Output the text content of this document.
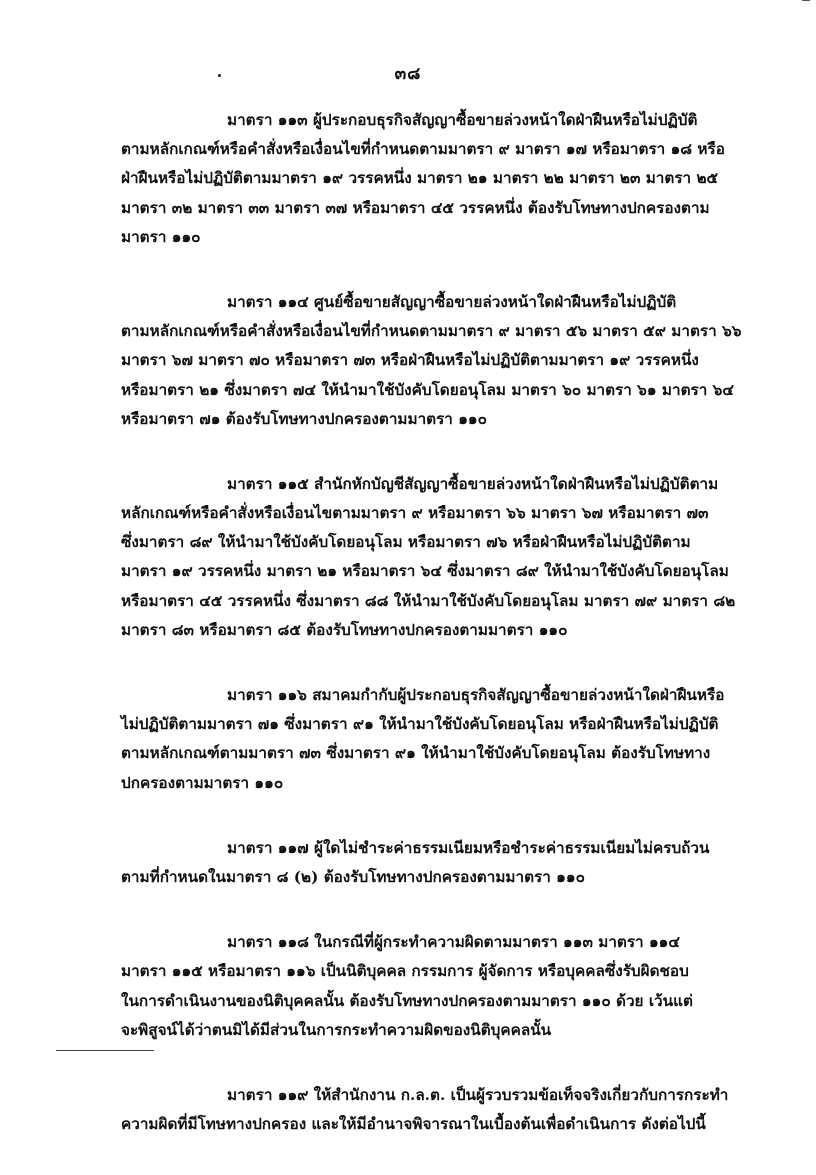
๓๘
มาตรา ๑๑๓ ผู้ประกอบธุรกิจสัญญาซื้อขายล่วงหน้าใดฝ่าฝืนหรือไม่ปฏิบัติ
ตามหลักเกณฑ์หรือคำสั่งหรือเงื่อนไขที่กำหนดตามมาตรา ๙ มาตรา ๑๗ หรือมาตรา ๑๘ หรือ
ฝ่าฝืนหรือไม่ปฏิบัติตามมาตรา ๑๙ วรรคหนึ่ง มาตรา ๒๑ มาตรา ๒๒ มาตรา ๒๓ มาตรา ๒๕
มาตรา ๓๒ มาตรา ๓๓ มาตรา ๓๗ หรือมาตรา ๔๕ วรรคหนึ่ง ต้องรับโทษทางปกครองตาม
มาตรา ๑๑๐
มาตรา ๑๑๔ ศูนย์ซื้อขายสัญญาซื้อขายล่วงหน้าใดฝ่าฝืนหรือไม่ปฏิบัติ
ตามหลักเกณฑ์หรือคำสั่งหรือเงื่อนไขที่กำหนดตามมาตรา ๙ มาตรา ๕๖ มาตรา ๕๙ มาตรา ๖๖
มาตรา ๖๗ มาตรา ๗๐ หรือมาตรา ๗๓ หรือฝ่าฝืนหรือไม่ปฏิบัติตามมาตรา ๑๙ วรรคหนึ่ง
หรือมาตรา ๒๑ ซึ่งมาตรา ๗๔ ให้นำมาใช้บังคับโดยอนุโลม มาตรา ๖๐ มาตรา ๖๑ มาตรา ๖๔
หรือมาตรา ๗๑ ต้องรับโทษทางปกครองตามมาตรา ๑๑๐
มาตรา ๑๑๕ สำนักหักบัญชีสัญญาซื้อขายล่วงหน้าใดฝ่าฝืนหรือไม่ปฏิบัติตาม
หลักเกณฑ์หรือคำสั่งหรือเงื่อนไขตามมาตรา ๙ หรือมาตรา ๖๖ มาตรา ๖๗ หรือมาตรา ๗๓
ซึ่งมาตรา ๘๙ ให้นำมาใช้บังคับโดยอนุโลม หรือมาตรา ๗๖ หรือฝ่าฝืนหรือไม่ปฏิบัติตาม
มาตรา ๑๙ วรรคหนึ่ง มาตรา ๒๑ หรือมาตรา ๖๔ ซึ่งมาตรา ๘๙ ให้นำมาใช้บังคับโดยอนุโลม
หรือมาตรา ๔๕ วรรคหนึ่ง ซึ่งมาตรา ๘๘ ให้นำมาใช้บังคับโดยอนุโลม มาตรา ๗๙ มาตรา ๘๒
มาตรา ๘๓ หรือมาตรา ๘๕ ต้องรับโทษทางปกครองตามมาตรา ๑๑๐
มาตรา ๑๑๖ สมาคมกำกับผู้ประกอบธุรกิจสัญญาซื้อขายล่วงหน้าใดฝ่าฝืนหรือ
ไม่ปฏิบัติตามมาตรา ๗๑ ซึ่งมาตรา ๙๑ ให้นำมาใช้บังคับโดยอนุโลม หรือฝ่าฝืนหรือไม่ปฏิบัติ
ตามหลักเกณฑ์ตามมาตรา ๗๓ ซึ่งมาตรา ๙๑ ให้นำมาใช้บังคับโดยอนุโลม ต้องรับโทษทาง
ปกครองตามมาตรา ๑๑๐
มาตรา ๑๑๗ ผู้ใดไม่ชำระค่าธรรมเนียมหรือชำระค่าธรรมเนียมไม่ครบถ้วน
ตามที่กำหนดในมาตรา ๘ (๒) ต้องรับโทษทางปกครองตามมาตรา ๑๑๐
มาตรา ๑๑๘ ในกรณีที่ผู้กระทำความผิดตามมาตรา ๑๑๓ มาตรา ๑๑๔
มาตรา ๑๑๕ หรือมาตรา ๑๑๖ เป็นนิติบุคคล กรรมการ ผู้จัดการ หรือบุคคลซึ่งรับผิดชอบ
ในการดำเนินงานของนิติบุคคลนั้น ต้องรับโทษทางปกครองตามมาตรา ๑๑๐ ด้วย เว้นแต่
จะพิสูจน์ได้ว่าตนมิได้มีส่วนในการกระทำความผิดของนิติบุคคลนั้น
มาตรา ๑๑๙ ให้สำนักงาน ก.ล.ต. เป็นผู้รวบรวมข้อเท็จจริงเกี่ยวกับการกระทำ
ความผิดที่มีโทษทางปกครอง และให้มีอำนาจพิจารณาในเบื้องต้นเพื่อดำเนินการ ดังต่อไปนี้
